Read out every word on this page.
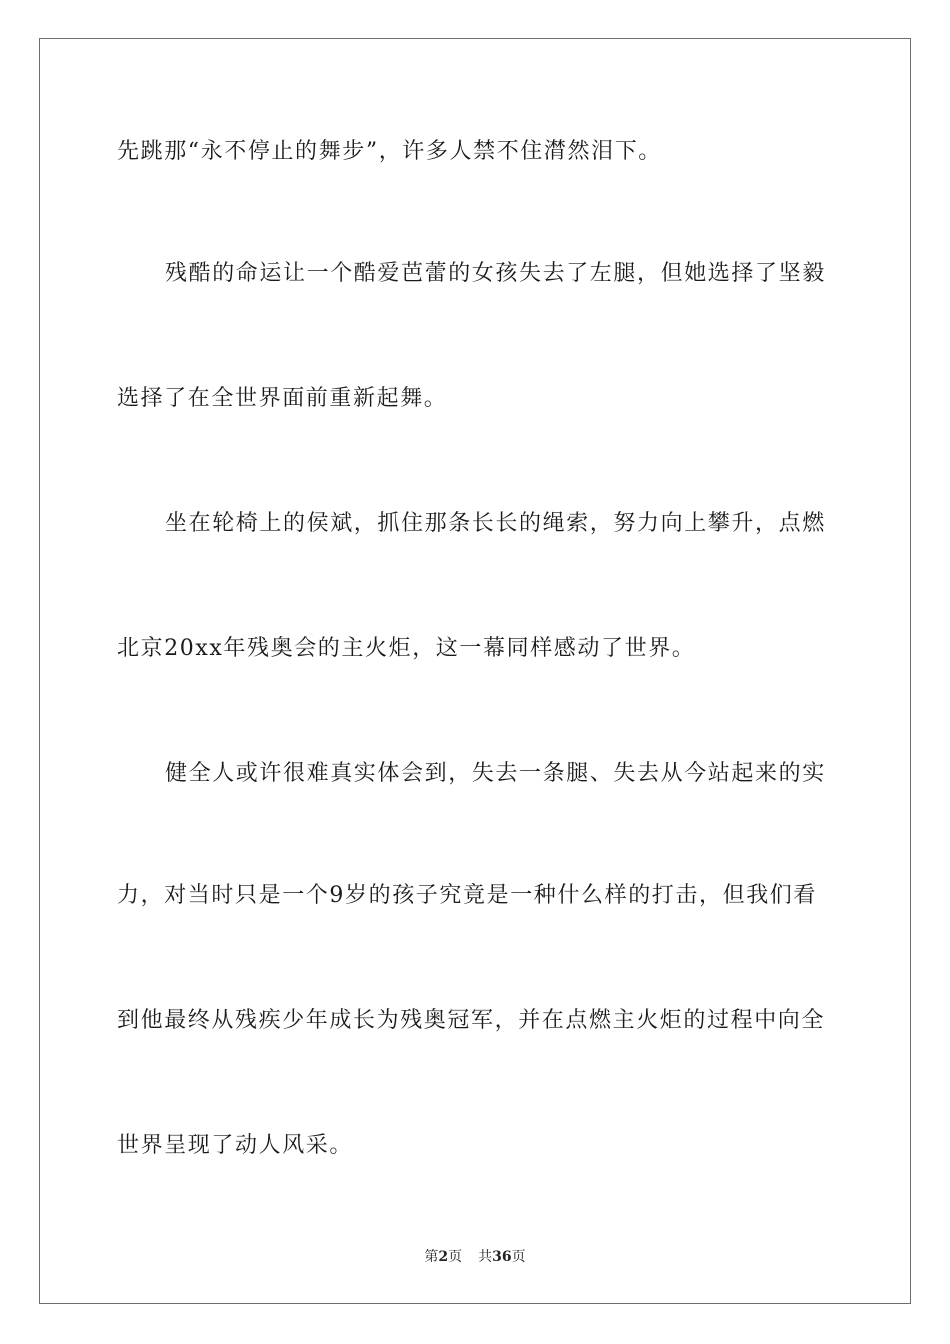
先跳那“永不停止的舞步”，许多人禁不住潸然泪下。
残酷的命运让一个酷爱芭蕾的女孩失去了左腿，但她选择了坚毅
选择了在全世界面前重新起舞。
坐在轮椅上的侯斌，抓住那条长长的绳索，努力向上攀升，点燃
北京20xx年残奥会的主火炬，这一幕同样感动了世界。
健全人或许很难真实体会到，失去一条腿、失去从今站起来的实
力，对当时只是一个9岁的孩子究竟是一种什么样的打击，但我们看
到他最终从残疾少年成长为残奥冠军，并在点燃主火炬的过程中向全
世界呈现了动人风采。
第2页 共36页
